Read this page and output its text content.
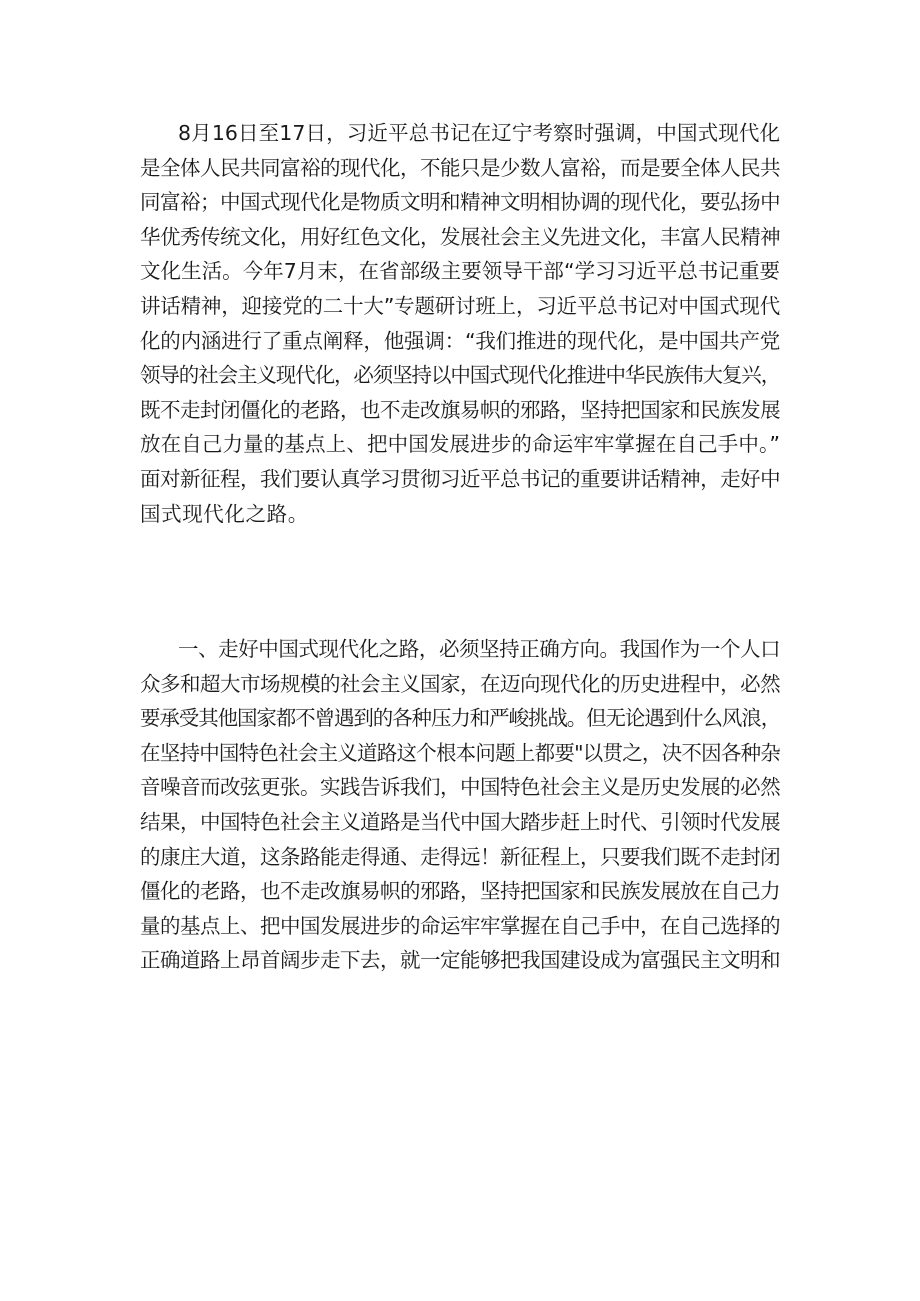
8月16日至17日，习近平总书记在辽宁考察时强调，中国式现代化
是全体人民共同富裕的现代化，不能只是少数人富裕，而是要全体人民共
同富裕；中国式现代化是物质文明和精神文明相协调的现代化，要弘扬中
华优秀传统文化，用好红色文化，发展社会主义先进文化，丰富人民精神
文化生活。今年7月末，在省部级主要领导干部“学习习近平总书记重要
讲话精神，迎接党的二十大”专题研讨班上，习近平总书记对中国式现代
化的内涵进行了重点阐释，他强调：“我们推进的现代化，是中国共产党
领导的社会主义现代化，必须坚持以中国式现代化推进中华民族伟大复兴，
既不走封闭僵化的老路，也不走改旗易帜的邪路，坚持把国家和民族发展
放在自己力量的基点上、把中国发展进步的命运牢牢掌握在自己手中。”
面对新征程，我们要认真学习贯彻习近平总书记的重要讲话精神，走好中
国式现代化之路。

一、走好中国式现代化之路，必须坚持正确方向。我国作为一个人口
众多和超大市场规模的社会主义国家，在迈向现代化的历史进程中，必然
要承受其他国家都不曾遇到的各种压力和严峻挑战。但无论遇到什么风浪，
在坚持中国特色社会主义道路这个根本问题上都要"以贯之，决不因各种杂
音噪音而改弦更张。实践告诉我们，中国特色社会主义是历史发展的必然
结果，中国特色社会主义道路是当代中国大踏步赶上时代、引领时代发展
的康庄大道，这条路能走得通、走得远！新征程上，只要我们既不走封闭
僵化的老路，也不走改旗易帜的邪路，坚持把国家和民族发展放在自己力
量的基点上、把中国发展进步的命运牢牢掌握在自己手中，在自己选择的
正确道路上昂首阔步走下去，就一定能够把我国建设成为富强民主文明和
